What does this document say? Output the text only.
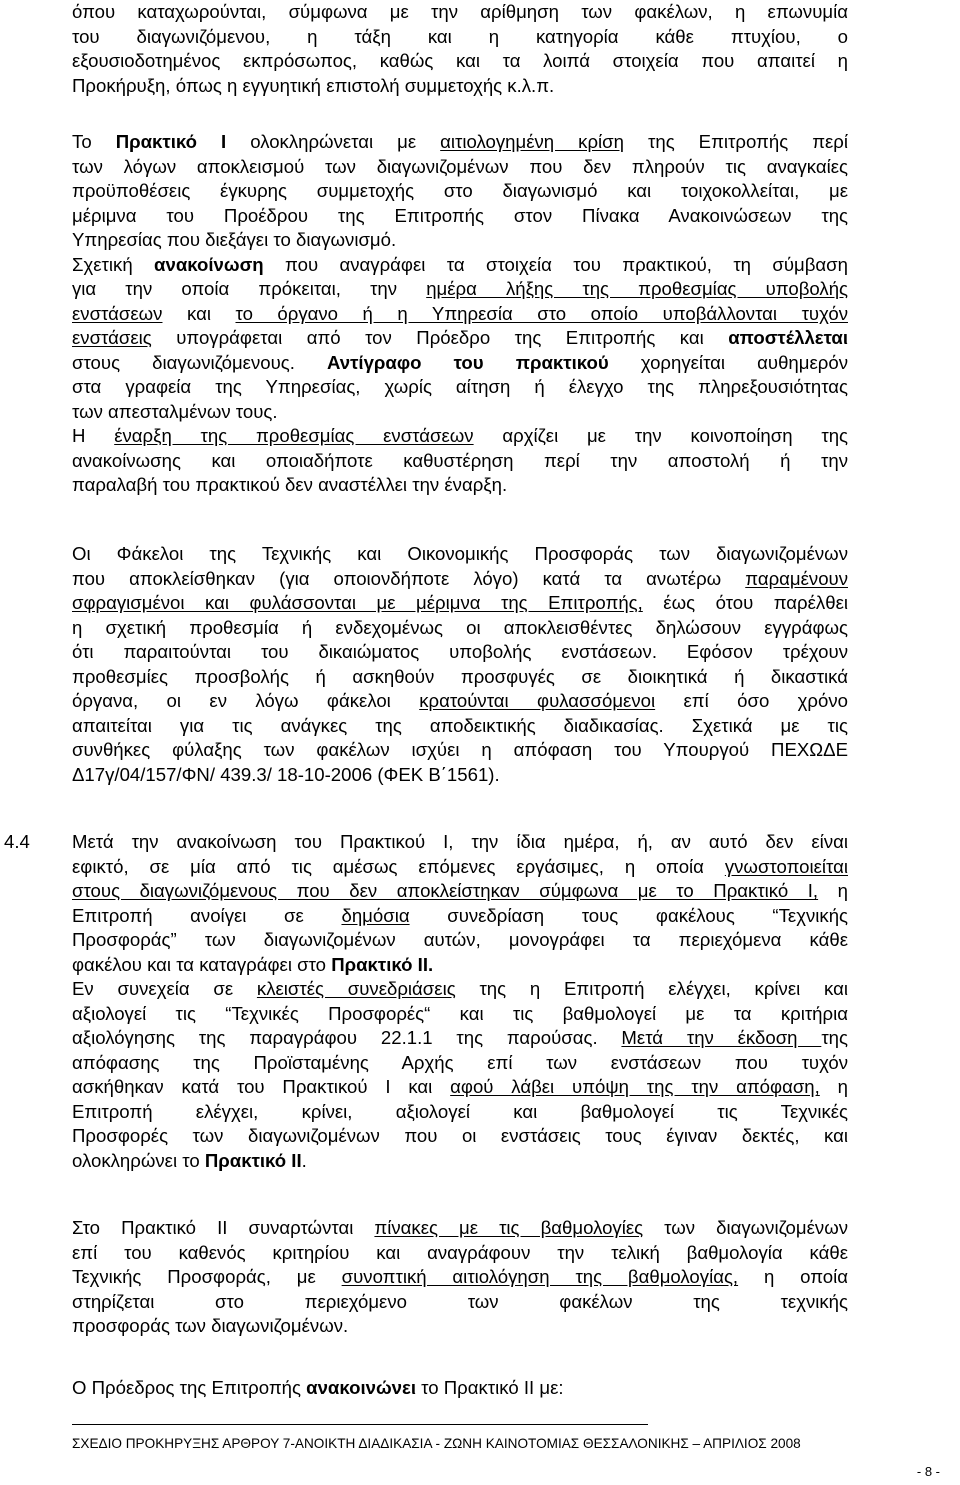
4.4
όπου καταχωρούνται, σύμφωνα με την αρίθμηση των φακέλων, η επωνυμία
του διαγωνιζόμενου, η τάξη και η κατηγορία κάθε πτυχίου, ο
εξουσιοδοτημένος εκπρόσωπος, καθώς και τα λοιπά στοιχεία που απαιτεί η
Προκήρυξη, όπως η εγγυητική επιστολή συμμετοχής κ.λ.π.
Το Πρακτικό Ι ολοκληρώνεται με αιτιολογημένη κρίση της Επιτροπής περί
των λόγων αποκλεισμού των διαγωνιζομένων που δεν πληρούν τις αναγκαίες
προϋποθέσεις έγκυρης συμμετοχής στο διαγωνισμό και τοιχοκολλείται, με
μέριμνα του Προέδρου της Επιτροπής στον Πίνακα Ανακοινώσεων της
Υπηρεσίας που διεξάγει το διαγωνισμό.
Σχετική ανακοίνωση που αναγράφει τα στοιχεία του πρακτικού, τη σύμβαση
για την οποία πρόκειται, την ημέρα λήξης της προθεσμίας υποβολής
ενστάσεων και το όργανο ή η Υπηρεσία στο οποίο υποβάλλονται τυχόν
ενστάσεις υπογράφεται από τον Πρόεδρο της Επιτροπής και αποστέλλεται
στους διαγωνιζόμενους. Αντίγραφο του πρακτικού χορηγείται αυθημερόν
στα γραφεία της Υπηρεσίας, χωρίς αίτηση ή έλεγχο της πληρεξουσιότητας
των απεσταλμένων τους.
Η έναρξη της προθεσμίας ενστάσεων αρχίζει με την κοινοποίηση της
ανακοίνωσης και οποιαδήποτε καθυστέρηση περί την αποστολή ή την
παραλαβή του πρακτικού δεν αναστέλλει την έναρξη.
Οι Φάκελοι της Τεχνικής και Οικονομικής Προσφοράς των διαγωνιζομένων
που αποκλείσθηκαν (για οποιονδήποτε λόγο) κατά τα ανωτέρω παραμένουν
σφραγισμένοι και φυλάσσονται με μέριμνα της Επιτροπής, έως ότου παρέλθει
η σχετική προθεσμία ή ενδεχομένως οι αποκλεισθέντες δηλώσουν εγγράφως
ότι παραιτούνται του δικαιώματος υποβολής ενστάσεων. Εφόσον τρέχουν
προθεσμίες προσβολής ή ασκηθούν προσφυγές σε διοικητικά ή δικαστικά
όργανα, οι εν λόγω φάκελοι κρατούνται φυλασσόμενοι επί όσο χρόνο
απαιτείται για τις ανάγκες της αποδεικτικής διαδικασίας. Σχετικά με τις
συνθήκες φύλαξης των φακέλων ισχύει η απόφαση του Υπουργού ΠΕΧΩΔΕ
Δ17γ/04/157/ΦΝ/ 439.3/ 18-10-2006 (ΦΕΚ Β΄1561).
Μετά την ανακοίνωση του Πρακτικού Ι, την ίδια ημέρα, ή, αν αυτό δεν είναι
εφικτό, σε μία από τις αμέσως επόμενες εργάσιμες, η οποία γνωστοποιείται
στους διαγωνιζόμενους που δεν αποκλείστηκαν σύμφωνα με το Πρακτικό Ι, η
Επιτροπή ανοίγει σε δημόσια συνεδρίαση τους φακέλους “Τεχνικής
Προσφοράς” των διαγωνιζομένων αυτών, μονογράφει τα περιεχόμενα κάθε
φακέλου και τα καταγράφει στο Πρακτικό ΙΙ.
Εν συνεχεία σε κλειστές συνεδριάσεις της η Επιτροπή ελέγχει, κρίνει και
αξιολογεί τις “Τεχνικές Προσφορές“ και τις βαθμολογεί με τα κριτήρια
αξιολόγησης της παραγράφου 22.1.1 της παρούσας. Μετά την έκδοση της
απόφασης της Προϊσταμένης Αρχής επί των ενστάσεων που τυχόν
ασκήθηκαν κατά του Πρακτικού Ι και αφού λάβει υπόψη της την απόφαση, η
Επιτροπή ελέγχει, κρίνει, αξιολογεί και βαθμολογεί τις Τεχνικές
Προσφορές των διαγωνιζομένων που οι ενστάσεις τους έγιναν δεκτές, και
ολοκληρώνει το Πρακτικό ΙΙ.
Στο Πρακτικό ΙΙ συναρτώνται πίνακες με τις βαθμολογίες των διαγωνιζομένων
επί του καθενός κριτηρίου και αναγράφουν την τελική βαθμολογία κάθε
Τεχνικής Προσφοράς, με συνοπτική αιτιολόγηση της βαθμολογίας, η οποία
στηρίζεται στο περιεχόμενο των φακέλων της τεχνικής
προσφοράς των διαγωνιζομένων.
Ο Πρόεδρος της Επιτροπής ανακοινώνει το Πρακτικό ΙΙ με:
ΣΧΕΔΙΟ ΠΡΟΚΗΡΥΞΗΣ ΑΡΘΡΟΥ 7-ΑΝΟΙΚΤΗ ΔΙΑΔΙΚΑΣΙΑ - ΖΩΝΗ ΚΑΙΝΟΤΟΜΙΑΣ ΘΕΣΣΑΛΟΝΙΚΗΣ – ΑΠΡΙΛΙΟΣ 2008
- 8 -
